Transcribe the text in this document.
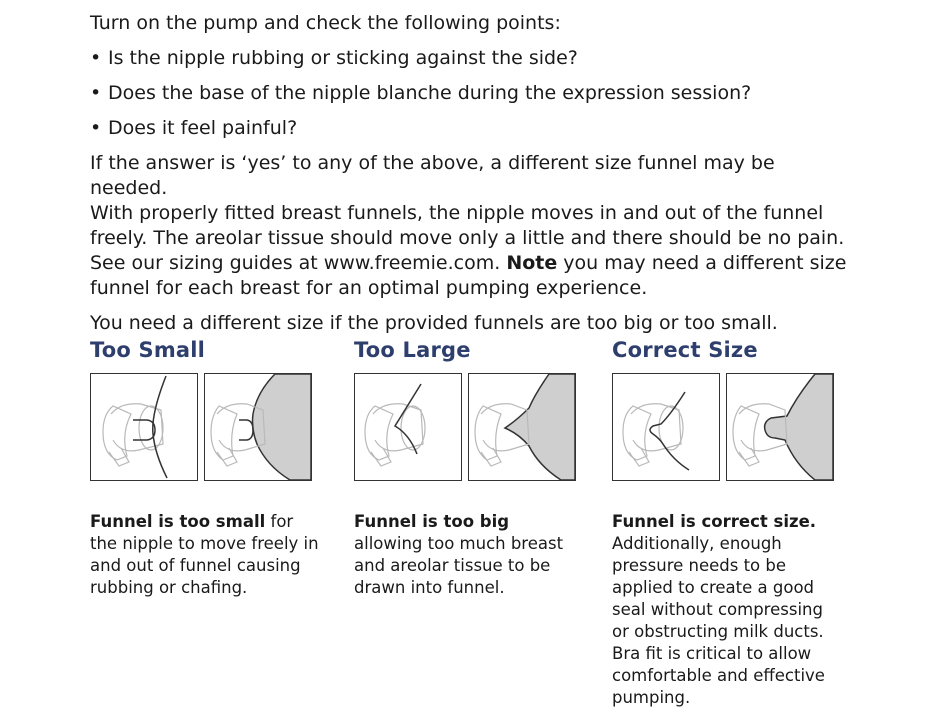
Turn on the pump and check the following points:

• Is the nipple rubbing or sticking against the side?
• Does the base of the nipple blanche during the expression session?
• Does it feel painful?

If the answer is ‘yes’ to any of the above, a different size funnel may be needed.
With properly fitted breast funnels, the nipple moves in and out of the funnel
freely. The areolar tissue should move only a little and there should be no pain.
See our sizing guides at www.freemie.com. Note you may need a different size
funnel for each breast for an optimal pumping experience.

You need a different size if the provided funnels are too big or too small.

Too Small
Funnel is too small for the nipple to move freely in and out of funnel causing rubbing or chafing.
Too Large
Funnel is too big allowing too much breast and areolar tissue to be drawn into funnel.
Correct Size
Funnel is correct size. Additionally, enough pressure needs to be applied to create a good seal without compressing or obstructing milk ducts. Bra fit is critical to allow comfortable and effective pumping.
